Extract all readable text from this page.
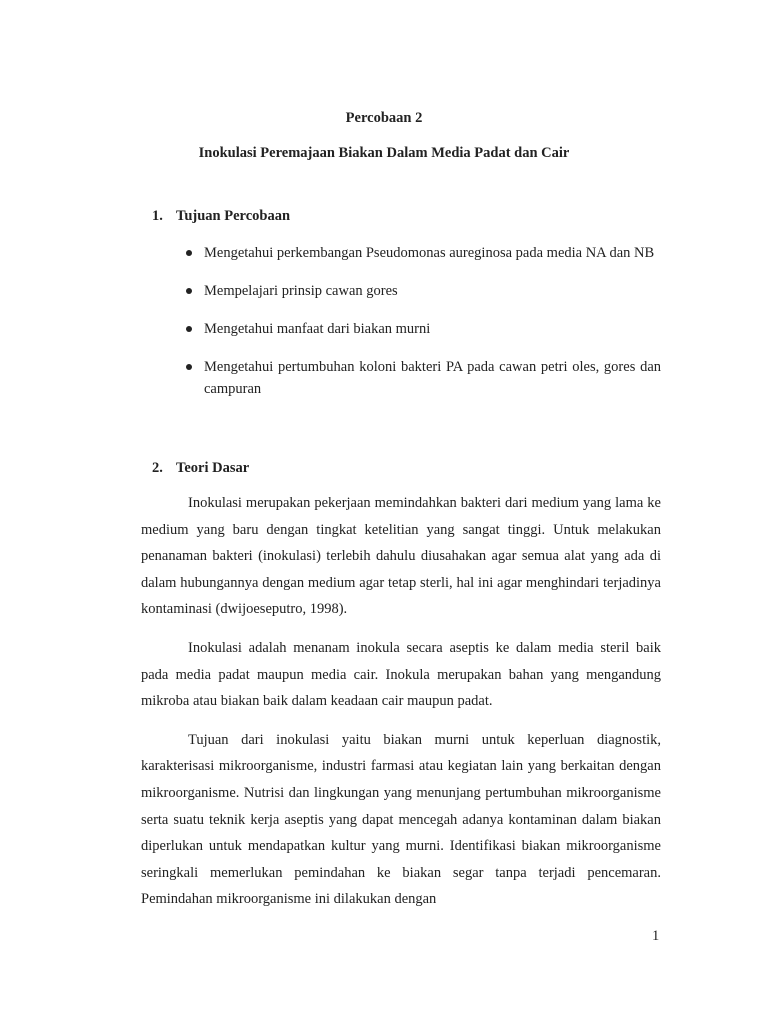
Percobaan 2
Inokulasi Peremajaan Biakan Dalam Media Padat dan Cair
1. Tujuan Percobaan
Mengetahui perkembangan Pseudomonas aureginosa pada media NA dan NB
Mempelajari prinsip cawan gores
Mengetahui manfaat dari biakan murni
Mengetahui pertumbuhan koloni bakteri PA pada cawan petri oles, gores dan campuran
2. Teori Dasar

Inokulasi merupakan pekerjaan memindahkan bakteri dari medium yang lama ke medium yang baru dengan tingkat ketelitian yang sangat tinggi. Untuk melakukan penanaman bakteri (inokulasi) terlebih dahulu diusahakan agar semua alat yang ada di dalam hubungannya dengan medium agar tetap sterli, hal ini agar menghindari terjadinya kontaminasi (dwijoeseputro, 1998).

Inokulasi adalah menanam inokula secara aseptis ke dalam media steril baik pada media padat maupun media cair. Inokula merupakan bahan yang mengandung mikroba atau biakan baik dalam keadaan cair maupun padat.

Tujuan dari inokulasi yaitu biakan murni untuk keperluan diagnostik, karakterisasi mikroorganisme, industri farmasi atau kegiatan lain yang berkaitan dengan mikroorganisme. Nutrisi dan lingkungan yang menunjang pertumbuhan mikroorganisme serta suatu teknik kerja aseptis yang dapat mencegah adanya kontaminan dalam biakan diperlukan untuk mendapatkan kultur yang murni. Identifikasi biakan mikroorganisme seringkali memerlukan pemindahan ke biakan segar tanpa terjadi pencemaran. Pemindahan mikroorganisme ini dilakukan dengan

1
